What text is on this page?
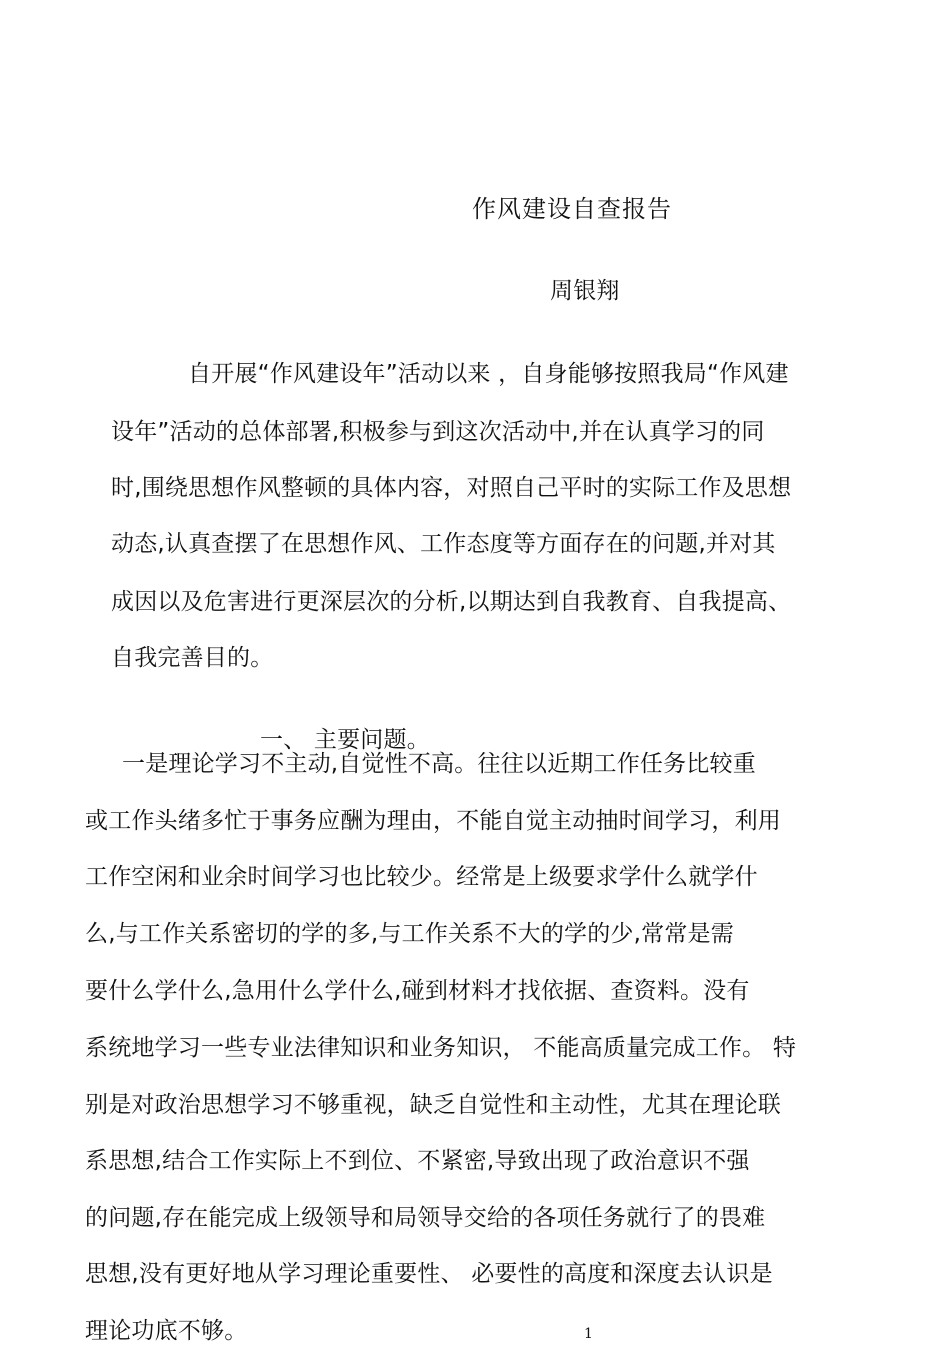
作风建设自查报告
周银翔
自开展“作风建设年”活动以来 ，自身能够按照我局“作风建
设年”活动的总体部署,积极参与到这次活动中,并在认真学习的同
时,围绕思想作风整顿的具体内容，对照自己平时的实际工作及思想
动态,认真查摆了在思想作风、工作态度等方面存在的问题,并对其
成因以及危害进行更深层次的分析,以期达到自我教育、自我提高、
自我完善目的。
一、 主要问题。
一是理论学习不主动,自觉性不高。往往以近期工作任务比较重
或工作头绪多忙于事务应酬为理由，不能自觉主动抽时间学习，利用
工作空闲和业余时间学习也比较少。经常是上级要求学什么就学什
么,与工作关系密切的学的多,与工作关系不大的学的少,常常是需
要什么学什么,急用什么学什么,碰到材料才找依据、查资料。没有
系统地学习一些专业法律知识和业务知识， 不能高质量完成工作。 特
别是对政治思想学习不够重视，缺乏自觉性和主动性，尤其在理论联
系思想,结合工作实际上不到位、不紧密,导致出现了政治意识不强
的问题,存在能完成上级领导和局领导交给的各项任务就行了的畏难
思想,没有更好地从学习理论重要性、 必要性的高度和深度去认识是
理论功底不够。	1
